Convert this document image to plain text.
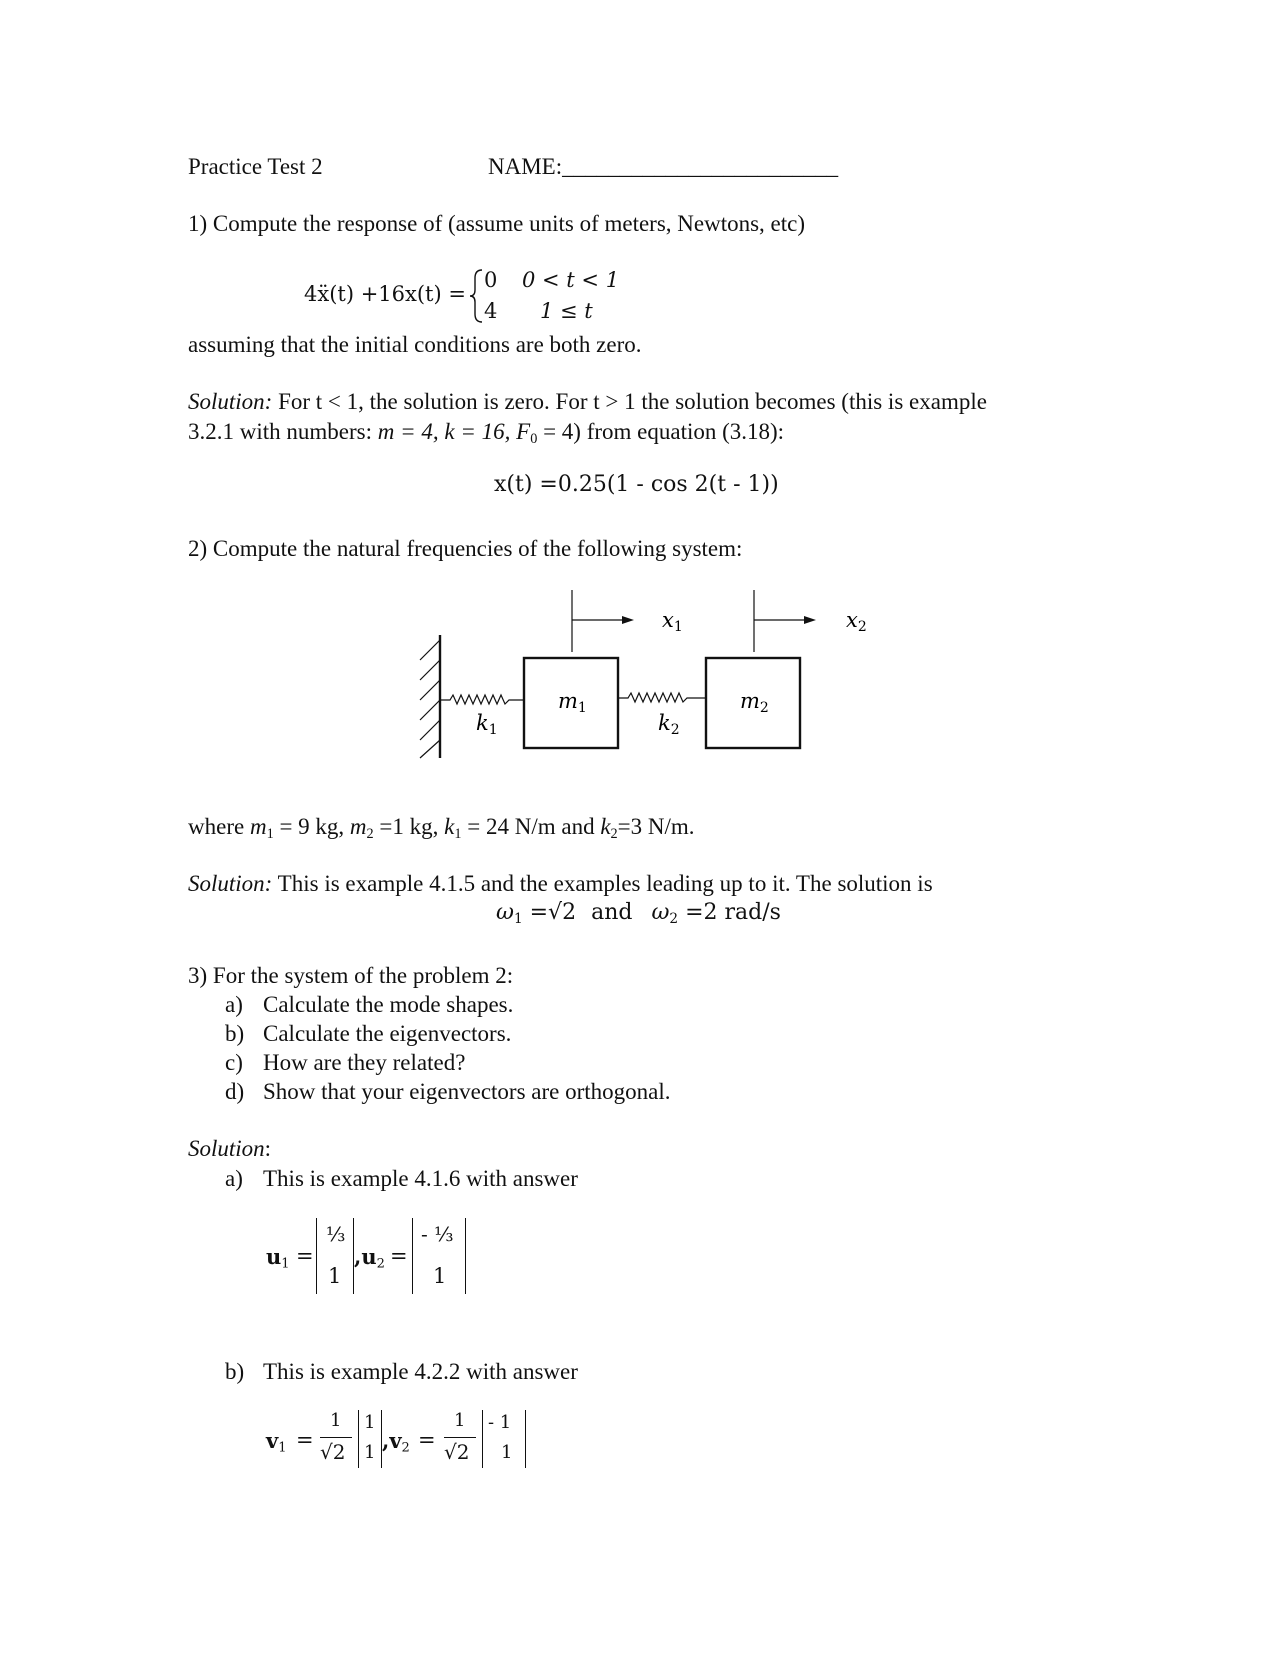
Practice Test 2	NAME:________________________
1) Compute the response of (assume units of meters, Newtons, etc)
4ẍ(t) +16x(t) =
0 0 < t < 1
4 1 ≤ t
assuming that the initial conditions are both zero.
Solution: For t < 1, the solution is zero. For t > 1 the solution becomes (this is example
3.2.1 with numbers: m = 4, k = 16, $F_0 = 4$) from equation (3.18):
x(t) =0.25(1 - cos 2(t - 1))
2) Compute the natural frequencies of the following system:
x1	x2
m1	m2
k1	k2
where $m_1 = 9$ kg, $m_2 =1$ kg, $k_1 = 24$ N/m and $k_2=3$ N/m.
Solution: This is example 4.1.5 and the examples leading up to it. The solution is
$\omega_1 =√2$ and $\omega_2 =2$ rad/s
3) For the system of the problem 2:
a) Calculate the mode shapes.
b) Calculate the eigenvectors.
c) How are they related?
d) Show that your eigenvectors are orthogonal.
Solution:
a) This is example 4.1.6 with answer
$u_1$ =
⅓
1
$,u_2$ =
- ⅓
1
b) This is example 4.2.2 with answer
$v_1$ =
1
√2
1
1 $,v_2$ =
1
√2
- 1
1
